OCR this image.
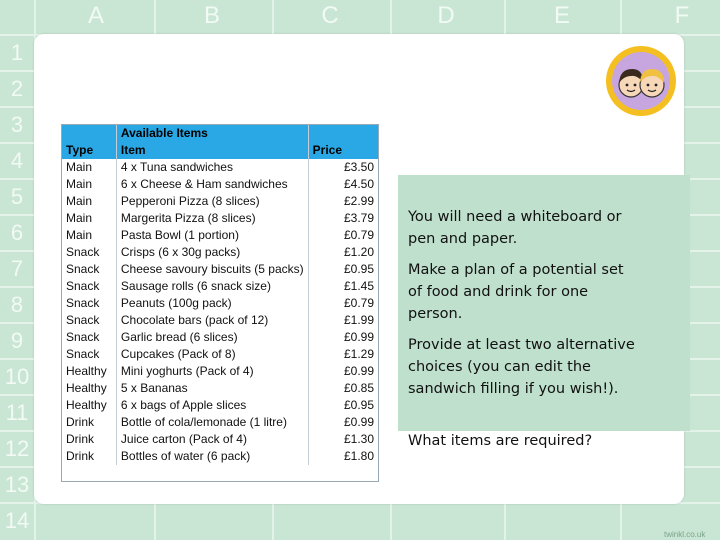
A	B	C	D	E	F
1
2
3
4
5
6
7
8
9
10
11
12
13
14
	Available Items	
Type	Item	Price
Main	4 x Tuna sandwiches	£3.50
Main	6 x Cheese & Ham sandwiches	£4.50
Main	Pepperoni Pizza (8 slices)	£2.99
Main	Margerita Pizza (8 slices)	£3.79
Main	Pasta Bowl (1 portion)	£0.79
Snack	Crisps (6 x 30g packs)	£1.20
Snack	Cheese savoury biscuits (5 packs)	£0.95
Snack	Sausage rolls (6 snack size)	£1.45
Snack	Peanuts (100g pack)	£0.79
Snack	Chocolate bars (pack of 12)	£1.99
Snack	Garlic bread (6 slices)	£0.99
Snack	Cupcakes (Pack of 8)	£1.29
Healthy	Mini yoghurts (Pack of 4)	£0.99
Healthy	5 x Bananas	£0.85
Healthy	6 x bags of Apple slices	£0.95
Drink	Bottle of cola/lemonade (1 litre)	£0.99
Drink	Juice carton (Pack of 4)	£1.30
Drink	Bottles of water (6 pack)	£1.80
You will need a whiteboard or pen and paper.
Make a plan of a potential set of food and drink for one person.
Provide at least two alternative choices (you can edit the sandwich filling if you wish!).
What items are required?
twinkl.co.uk
